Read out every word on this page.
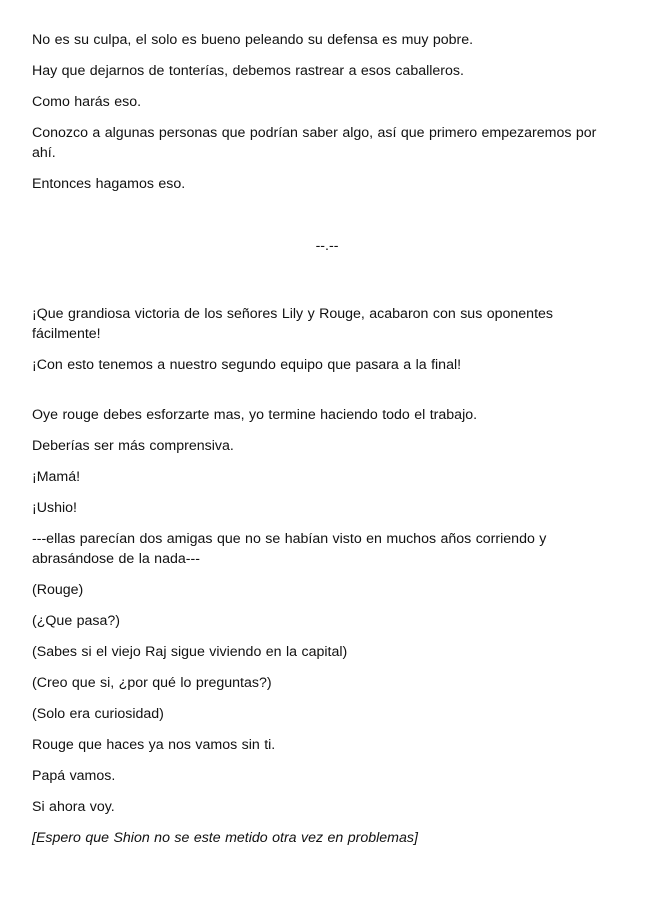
No es su culpa, el solo es bueno peleando su defensa es muy pobre.

Hay que dejarnos de tonterías, debemos rastrear a esos caballeros.

Como harás eso.

Conozco a algunas personas que podrían saber algo, así que primero empezaremos por ahí.

Entonces hagamos eso.

--.--

¡Que grandiosa victoria de los señores Lily y Rouge, acabaron con sus oponentes fácilmente!

¡Con esto tenemos a nuestro segundo equipo que pasara a la final!

Oye rouge debes esforzarte mas, yo termine haciendo todo el trabajo.

Deberías ser más comprensiva.

¡Mamá!

¡Ushio!

---ellas parecían dos amigas que no se habían visto en muchos años corriendo y abrasándose de la nada---

(Rouge)

(¿Que pasa?)

(Sabes si el viejo Raj sigue viviendo en la capital)

(Creo que si, ¿por qué lo preguntas?)

(Solo era curiosidad)

Rouge que haces ya nos vamos sin ti.

Papá vamos.

Si ahora voy.

[Espero que Shion no se este metido otra vez en problemas]
